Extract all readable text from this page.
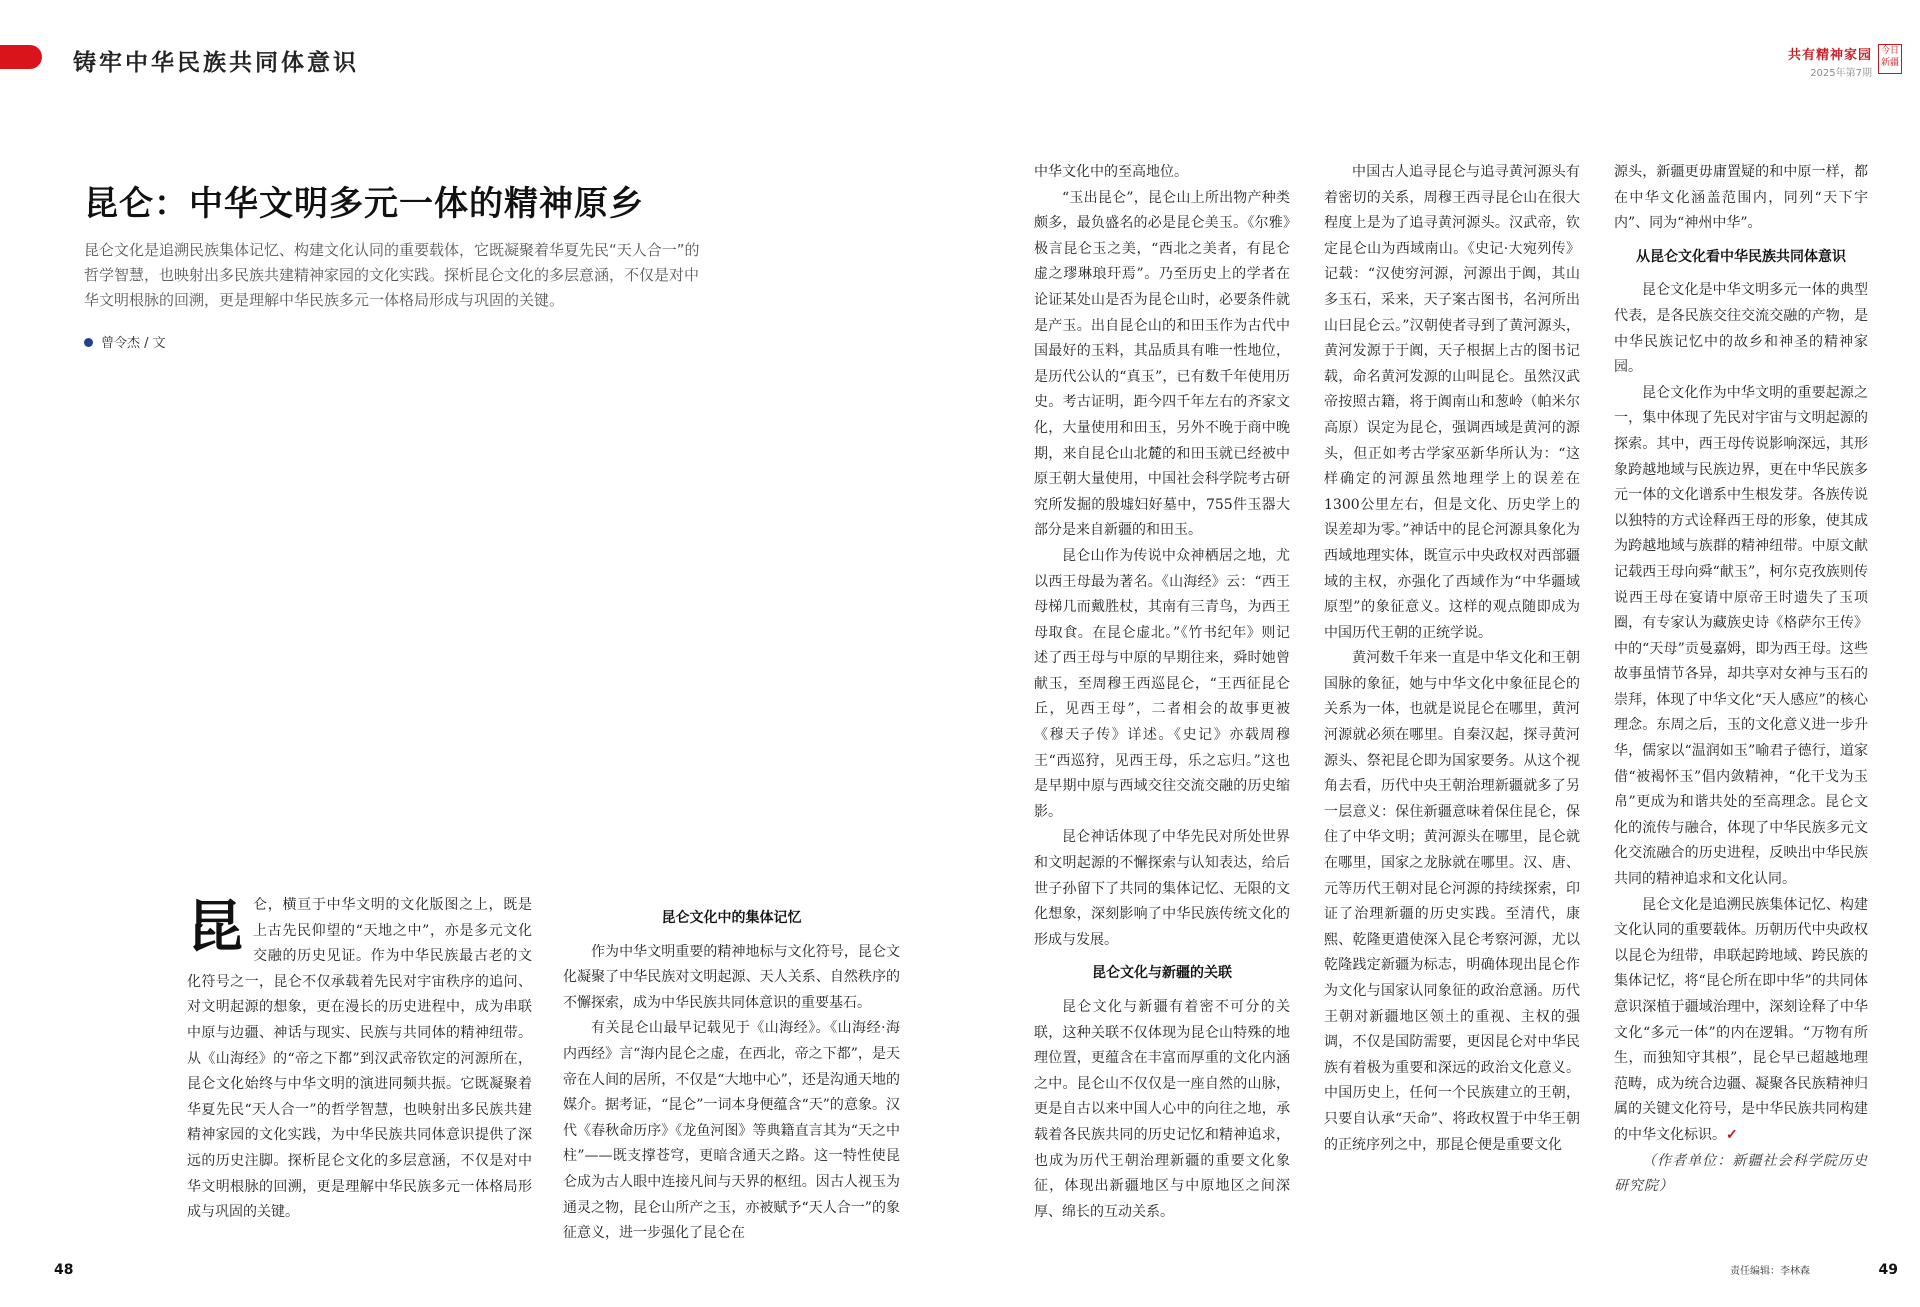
铸牢中华民族共同体意识	共有精神家园
2025年第7期
今日新疆
昆仑：中华文明多元一体的精神原乡
昆仑文化是追溯民族集体记忆、构建文化认同的重要载体，它既凝聚着华夏先民“天人合一”的哲学智慧，也映射出多民族共建精神家园的文化实践。探析昆仑文化的多层意涵，不仅是对中华文明根脉的回溯，更是理解中华民族多元一体格局形成与巩固的关键。
曾令杰 / 文
昆 仑，横亘于中华文明的文化版图之上，既是上古先民仰望的“天地之中”，亦是多元文化交融的历史见证。作为中华民族最古老的文化符号之一，昆仑不仅承载着先民对宇宙秩序的追问、对文明起源的想象，更在漫长的历史进程中，成为串联中原与边疆、神话与现实、民族与共同体的精神纽带。从《山海经》的“帝之下都”到汉武帝钦定的河源所在，昆仑文化始终与中华文明的演进同频共振。它既凝聚着华夏先民“天人合一”的哲学智慧，也映射出多民族共建精神家园的文化实践，为中华民族共同体意识提供了深远的历史注脚。探析昆仑文化的多层意涵，不仅是对中华文明根脉的回溯，更是理解中华民族多元一体格局形成与巩固的关键。

昆仑文化中的集体记忆

作为中华文明重要的精神地标与文化符号，昆仑文化凝聚了中华民族对文明起源、天人关系、自然秩序的不懈探索，成为中华民族共同体意识的重要基石。

有关昆仑山最早记载见于《山海经》。《山海经·海内西经》言“海内昆仑之虚，在西北，帝之下都”，是天帝在人间的居所，不仅是“大地中心”，还是沟通天地的媒介。据考证，“昆仑”一词本身便蕴含“天”的意象。汉代《春秋命历序》《龙鱼河图》等典籍直言其为“天之中柱”——既支撑苍穹，更暗含通天之路。这一特性使昆仑成为古人眼中连接凡间与天界的枢纽。因古人视玉为通灵之物，昆仑山所产之玉，亦被赋予“天人合一”的象征意义，进一步强化了昆仑在

中华文化中的至高地位。

“玉出昆仑”，昆仑山上所出物产种类颇多，最负盛名的必是昆仑美玉。《尔雅》极言昆仑玉之美，“西北之美者，有昆仑虚之璆琳琅玕焉”。乃至历史上的学者在论证某处山是否为昆仑山时，必要条件就是产玉。出自昆仑山的和田玉作为古代中国最好的玉料，其品质具有唯一性地位，是历代公认的“真玉”，已有数千年使用历史。考古证明，距今四千年左右的齐家文化，大量使用和田玉，另外不晚于商中晚期，来自昆仑山北麓的和田玉就已经被中原王朝大量使用，中国社会科学院考古研究所发掘的殷墟妇好墓中，755件玉器大部分是来自新疆的和田玉。

昆仑山作为传说中众神栖居之地，尤以西王母最为著名。《山海经》云：“西王母梯几而戴胜杖，其南有三青鸟，为西王母取食。在昆仑虚北。”《竹书纪年》则记述了西王母与中原的早期往来，舜时她曾献玉，至周穆王西巡昆仑，“王西征昆仑丘，见西王母”，二者相会的故事更被《穆天子传》详述。《史记》亦载周穆王“西巡狩，见西王母，乐之忘归。”这也是早期中原与西域交往交流交融的历史缩影。

昆仑神话体现了中华先民对所处世界和文明起源的不懈探索与认知表达，给后世子孙留下了共同的集体记忆、无限的文化想象，深刻影响了中华民族传统文化的形成与发展。

昆仑文化与新疆的关联

昆仑文化与新疆有着密不可分的关联，这种关联不仅体现为昆仑山特殊的地理位置，更蕴含在丰富而厚重的文化内涵之中。昆仑山不仅仅是一座自然的山脉，更是自古以来中国人心中的向往之地，承载着各民族共同的历史记忆和精神追求，也成为历代王朝治理新疆的重要文化象征，体现出新疆地区与中原地区之间深厚、绵长的互动关系。

中国古人追寻昆仑与追寻黄河源头有着密切的关系，周穆王西寻昆仑山在很大程度上是为了追寻黄河源头。汉武帝，钦定昆仑山为西域南山。《史记·大宛列传》记载：“汉使穷河源，河源出于阗，其山多玉石，采来，天子案古图书，名河所出山曰昆仑云。”汉朝使者寻到了黄河源头，黄河发源于于阗，天子根据上古的图书记载，命名黄河发源的山叫昆仑。虽然汉武帝按照古籍，将于阗南山和葱岭（帕米尔高原）误定为昆仑，强调西域是黄河的源头，但正如考古学家巫新华所认为：“这样确定的河源虽然地理学上的误差在1300公里左右，但是文化、历史学上的误差却为零。”神话中的昆仑河源具象化为西域地理实体，既宣示中央政权对西部疆域的主权，亦强化了西域作为“中华疆域原型”的象征意义。这样的观点随即成为中国历代王朝的正统学说。

黄河数千年来一直是中华文化和王朝国脉的象征，她与中华文化中象征昆仑的关系为一体，也就是说昆仑在哪里，黄河河源就必须在哪里。自秦汉起，探寻黄河源头、祭祀昆仑即为国家要务。从这个视角去看，历代中央王朝治理新疆就多了另一层意义：保住新疆意味着保住昆仑，保住了中华文明；黄河源头在哪里，昆仑就在哪里，国家之龙脉就在哪里。汉、唐、元等历代王朝对昆仑河源的持续探索，印证了治理新疆的历史实践。至清代，康熙、乾隆更遣使深入昆仑考察河源，尤以乾隆践定新疆为标志，明确体现出昆仑作为文化与国家认同象征的政治意涵。历代王朝对新疆地区领土的重视、主权的强调，不仅是国防需要，更因昆仑对中华民族有着极为重要和深远的政治文化意义。中国历史上，任何一个民族建立的王朝，只要自认承“天命”、将政权置于中华王朝的正统序列之中，那昆仑便是重要文化

源头，新疆更毋庸置疑的和中原一样，都在中华文化涵盖范围内，同列“天下宇内”、同为“神州中华”。

从昆仑文化看中华民族共同体意识

昆仑文化是中华文明多元一体的典型代表，是各民族交往交流交融的产物，是中华民族记忆中的故乡和神圣的精神家园。

昆仑文化作为中华文明的重要起源之一，集中体现了先民对宇宙与文明起源的探索。其中，西王母传说影响深远，其形象跨越地域与民族边界，更在中华民族多元一体的文化谱系中生根发芽。各族传说以独特的方式诠释西王母的形象，使其成为跨越地域与族群的精神纽带。中原文献记载西王母向舜“献玉”，柯尔克孜族则传说西王母在宴请中原帝王时遗失了玉项圈，有专家认为藏族史诗《格萨尔王传》中的“天母”贡曼嘉姆，即为西王母。这些故事虽情节各异，却共享对女神与玉石的崇拜，体现了中华文化“天人感应”的核心理念。东周之后，玉的文化意义进一步升华，儒家以“温润如玉”喻君子德行，道家借“被褐怀玉”倡内敛精神，“化干戈为玉帛”更成为和谐共处的至高理念。昆仑文化的流传与融合，体现了中华民族多元文化交流融合的历史进程，反映出中华民族共同的精神追求和文化认同。

昆仑文化是追溯民族集体记忆、构建文化认同的重要载体。历朝历代中央政权以昆仑为纽带，串联起跨地域、跨民族的集体记忆，将“昆仑所在即中华”的共同体意识深植于疆域治理中，深刻诠释了中华文化“多元一体”的内在逻辑。“万物有所生，而独知守其根”，昆仑早已超越地理范畴，成为统合边疆、凝聚各民族精神归属的关键文化符号，是中华民族共同构建的中华文化标识。✓

（作者单位：新疆社会科学院历史研究院）

48	责任编辑：李林森	49
